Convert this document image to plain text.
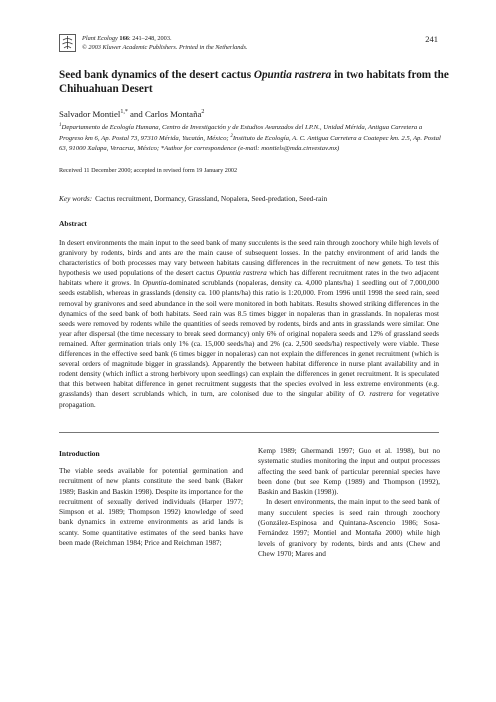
Plant Ecology 166: 241–248, 2003.
© 2003 Kluwer Academic Publishers. Printed in the Netherlands.
241
Seed bank dynamics of the desert cactus Opuntia rastrera in two habitats from the Chihuahuan Desert
Salvador Montiel$^{1,*}$ and Carlos Montaña$^2$
$^1$Departamento de Ecología Humana, Centro de Investigación y de Estudios Avanzados del I.P.N., Unidad Mérida, Antigua Carretera a Progreso km 6, Ap. Postal 73, 97310 Mérida, Yucatán, México; $^2$Instituto de Ecología, A. C. Antigua Carretera a Coatepec km. 2.5, Ap. Postal 63, 91000 Xalapa, Veracruz, México; *Author for correspondence (e-mail: montiels@mda.cinvestav.mx)
Received 11 December 2000; accepted in revised form 19 January 2002
Key words: Cactus recruitment, Dormancy, Grassland, Nopalera, Seed-predation, Seed-rain
Abstract
In desert environments the main input to the seed bank of many succulents is the seed rain through zoochory while high levels of granivory by rodents, birds and ants are the main cause of subsequent losses. In the patchy environment of arid lands the characteristics of both processes may vary between habitats causing differences in the recruitment of new genets. To test this hypothesis we used populations of the desert cactus Opuntia rastrera which has different recruitment rates in the two adjacent habitats where it grows. In Opuntia-dominated scrublands (nopaleras, density ca. 4,000 plants/ha) 1 seedling out of 7,000,000 seeds establish, whereas in grasslands (density ca. 100 plants/ha) this ratio is 1:20,000. From 1996 until 1998 the seed rain, seed removal by granivores and seed abundance in the soil were monitored in both habitats. Results showed striking differences in the dynamics of the seed bank of both habitats. Seed rain was 8.5 times bigger in nopaleras than in grasslands. In nopaleras most seeds were removed by rodents while the quantities of seeds removed by rodents, birds and ants in grasslands were similar. One year after dispersal (the time necessary to break seed dormancy) only 6% of original nopalera seeds and 12% of grassland seeds remained. After germination trials only 1% (ca. 15,000 seeds/ha) and 2% (ca. 2,500 seeds/ha) respectively were viable. These differences in the effective seed bank (6 times bigger in nopaleras) can not explain the differences in genet recruitment (which is several orders of magnitude bigger in grasslands). Apparently the between habitat difference in nurse plant availability and in rodent density (which inflict a strong herbivory upon seedlings) can explain the differences in genet recruitment. It is speculated that this between habitat difference in genet recruitment suggests that the species evolved in less extreme environments (e.g. grasslands) than desert scrublands which, in turn, are colonised due to the singular ability of O. rastrera for vegetative propagation.
Introduction

The viable seeds available for potential germination and recruitment of new plants constitute the seed bank (Baker 1989; Baskin and Baskin 1998). Despite its importance for the recruitment of sexually derived individuals (Harper 1977; Simpson et al. 1989; Thompson 1992) knowledge of seed bank dynamics in extreme environments as arid lands is scanty. Some quantitative estimates of the seed banks have been made (Reichman 1984; Price and Reichman 1987;

Kemp 1989; Ghermandi 1997; Guo et al. 1998), but no systematic studies monitoring the input and output processes affecting the seed bank of particular perennial species have been done (but see Kemp (1989) and Thompson (1992), Baskin and Baskin (1998)).

In desert environments, the main input to the seed bank of many succulent species is seed rain through zoochory (González-Espinosa and Quintana-Ascencio 1986; Sosa-Fernández 1997; Montiel and Montaña 2000) while high levels of granivory by rodents, birds and ants (Chew and Chew 1970; Mares and
